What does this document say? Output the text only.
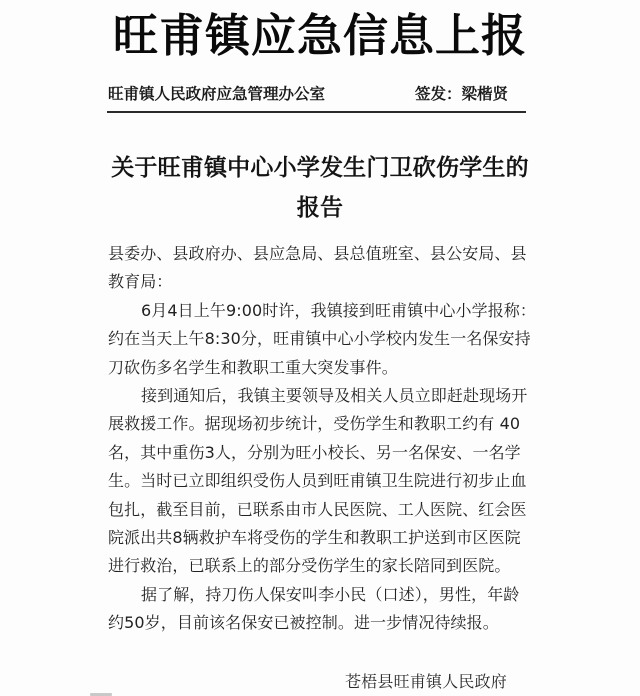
旺甫镇应急信息上报
旺甫镇人民政府应急管理办公室	签发：梁楷贤
关于旺甫镇中心小学发生门卫砍伤学生的
报告
县委办、县政府办、县应急局、县总值班室、县公安局、县
教育局：
6月4日上午9:00时许，我镇接到旺甫镇中心小学报称：
约在当天上午8:30分，旺甫镇中心小学校内发生一名保安持
刀砍伤多名学生和教职工重大突发事件。
接到通知后，我镇主要领导及相关人员立即赶赴现场开
展救援工作。据现场初步统计，受伤学生和教职工约有 40
名，其中重伤3人，分别为旺小校长、另一名保安、一名学
生。当时已立即组织受伤人员到旺甫镇卫生院进行初步止血
包扎，截至目前，已联系由市人民医院、工人医院、红会医
院派出共8辆救护车将受伤的学生和教职工护送到市区医院
进行救治，已联系上的部分受伤学生的家长陪同到医院。
据了解，持刀伤人保安叫李小民（口述），男性，年龄
约50岁，目前该名保安已被控制。进一步情况待续报。
苍梧县旺甫镇人民政府
